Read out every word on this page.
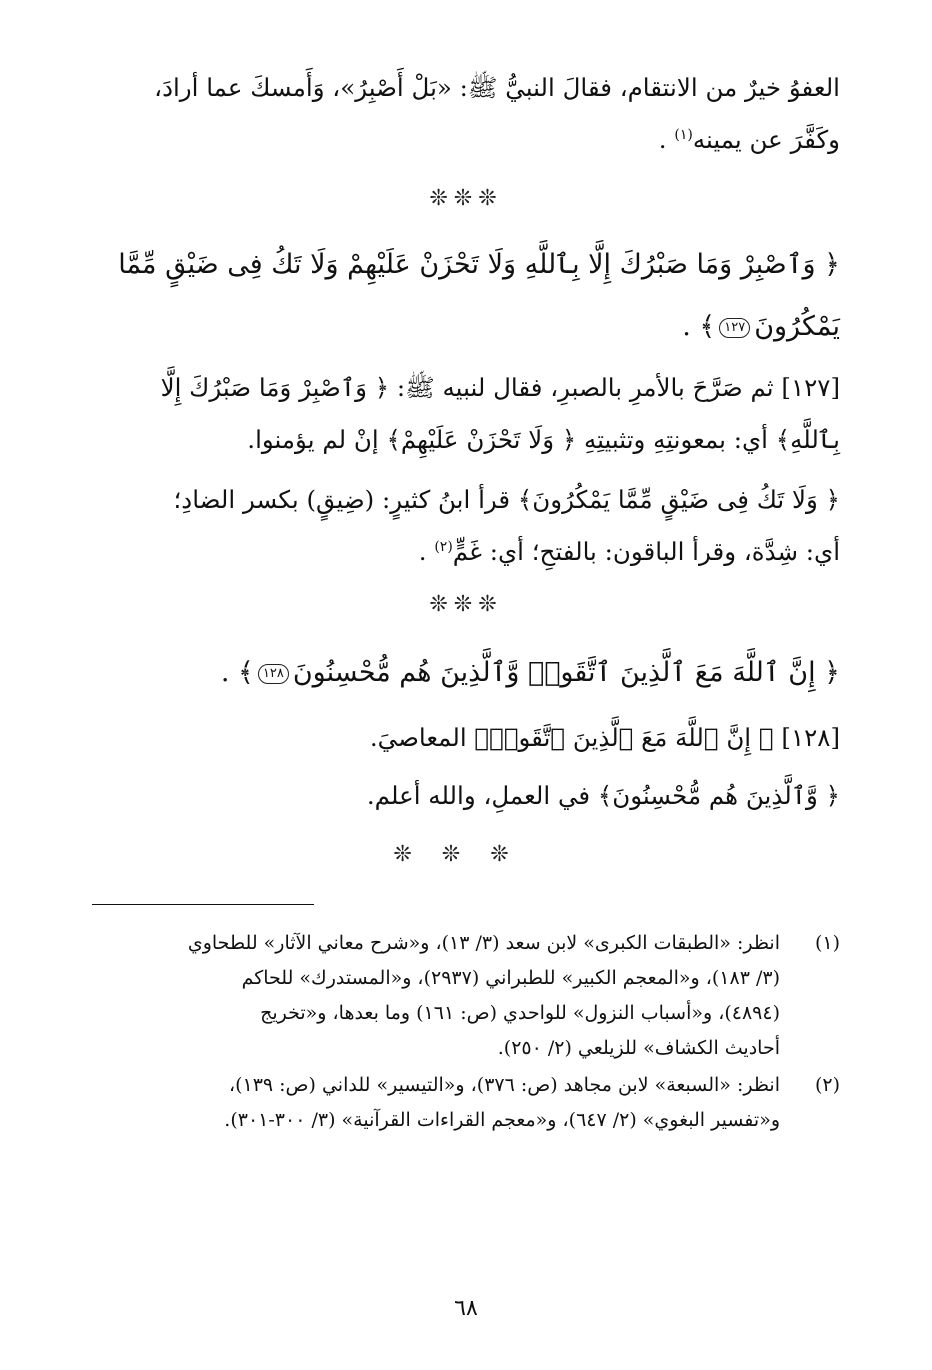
العفوُ خيرٌ من الانتقام، فقالَ النبيُّ ﷺ: «بَلْ أَصْبِرُ»، وَأَمسكَ عما أرادَ،
وكَفَّرَ عن يمينه$^{(١)}$ .
❊❊❊
﴿ وَٱصْبِرْ وَمَا صَبْرُكَ إِلَّا بِٱللَّهِ وَلَا تَحْزَنْ عَلَيْهِمْ وَلَا تَكُ فِى ضَيْقٍ مِّمَّا
يَمْكُرُونَ١٢٧﴾ .
[١٢٧] ثم صَرَّحَ بالأمرِ بالصبرِ، فقال لنبيه ﷺ: ﴿ وَٱصْبِرْ وَمَا صَبْرُكَ إِلَّا
بِٱللَّهِ﴾ أي: بمعونتِهِ وتثبيتِهِ ﴿ وَلَا تَحْزَنْ عَلَيْهِمْ﴾ إنْ لم يؤمنوا.
﴿ وَلَا تَكُ فِى ضَيْقٍ مِّمَّا يَمْكُرُونَ﴾ قرأ ابنُ كثيرٍ: (ضِيقٍ) بكسر الضادِ؛
أي: شِدَّة، وقرأ الباقون: بالفتحِ؛ أي: غَمٍّ$^{(٢)}$ .
❊❊❊
﴿ إِنَّ ٱللَّهَ مَعَ ٱلَّذِينَ ٱتَّقَوا۟ وَّٱلَّذِينَ هُم مُّحْسِنُونَ١٢٨﴾ .
[١٢٨] ﴿ إِنَّ ٱللَّهَ مَعَ ٱلَّذِينَ ٱتَّقَوا۟﴾ المعاصيَ.
﴿ وَّٱلَّذِينَ هُم مُّحْسِنُونَ﴾ في العملِ، والله أعلم.
❊❊❊
(١)
انظر: «الطبقات الكبرى» لابن سعد (٣/ ١٣)، و«شرح معاني الآثار» للطحاوي
(٣/ ١٨٣)، و«المعجم الكبير» للطبراني (٢٩٣٧)، و«المستدرك» للحاكم
(٤٨٩٤)، و«أسباب النزول» للواحدي (ص: ١٦١) وما بعدها، و«تخريج
أحاديث الكشاف» للزيلعي (٢/ ٢٥٠).
(٢)
انظر: «السبعة» لابن مجاهد (ص: ٣٧٦)، و«التيسير» للداني (ص: ١٣٩)،
و«تفسير البغوي» (٢/ ٦٤٧)، و«معجم القراءات القرآنية» (٣/ ٣٠٠-٣٠١).
٦٨
